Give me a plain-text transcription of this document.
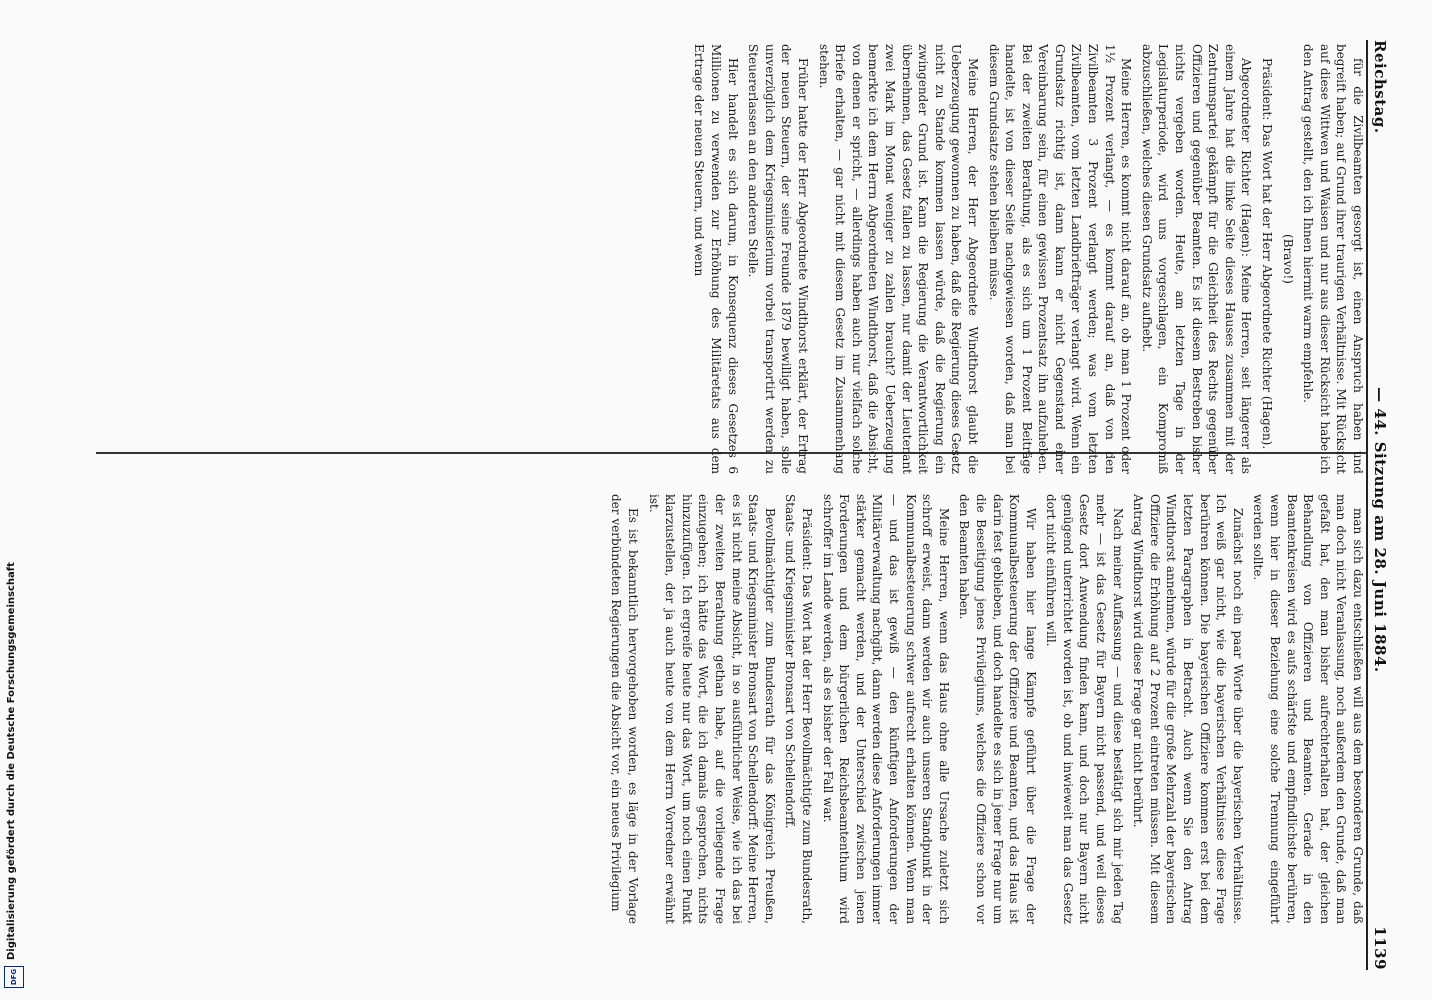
Reichstag.
— 44. Sitzung am 28. Juni 1884.
1139

man sich dazu entschließen will aus dem besonderen Grunde, daß man doch nicht Veranlassung, noch außerdem den Grunde, daß man gefaßt hat, den man bisher aufrechterhalten hat, der gleichen Behandlung von Offizieren und Beamten. Gerade in den Beamtenkreisen wird es aufs schärfste und empfindlichste berühren, wenn hier in dieser Beziehung eine solche Trennung eingeführt werden sollte.

Zunächst noch ein paar Worte über die bayerischen Verhältnisse. Ich weiß gar nicht, wie die bayerischen Verhältnisse diese Frage berühren können. Die bayerischen Offiziere kommen erst bei dem letzten Paragraphen in Betracht. Auch wenn Sie den Antrag Windthorst annehmen, würde für die große Mehrzahl der bayerischen Offiziere die Erhöhung auf 2 Prozent eintreten müssen. Mit diesem Antrag Windthorst wird diese Frage gar nicht berührt.

Nach meiner Auffassung — und diese bestätigt sich mir jeden Tag mehr — ist das Gesetz für Bayern nicht passend, und weil dieses Gesetz dort Anwendung finden kann, und doch nur Bayern nicht genügend unterrichtet worden ist, ob und inwieweit man das Gesetz dort nicht einführen will.

Wir haben hier lange Kämpfe geführt über die Frage der Kommunalbesteuerung der Offiziere und Beamten, und das Haus ist darin fest geblieben, und doch handelte es sich in jener Frage nur um die Beseitigung jenes Privilegiums, welches die Offiziere schon vor den Beamten haben.

Meine Herren, wenn das Haus ohne alle Ursache zuletzt sich schroff erweist, dann werden wir auch unseren Standpunkt in der Kommunalbesteuerung schwer aufrecht erhalten können. Wenn man — und das ist gewiß — den künftigen Anforderungen der Militärverwaltung nachgibt, dann werden diese Anforderungen immer stärker gemacht werden, und der Unterschied zwischen jenen Forderungen und dem bürgerlichen Reichsbeamtenthum wird schroffer im Lande werden, als es bisher der Fall war.

Präsident: Das Wort hat der Herr Bevollmächtigte zum Bundesrath, Staats- und Kriegsminister Bronsart von Schellendorff.

Bevollmächtigter zum Bundesrath für das Königreich Preußen, Staats- und Kriegsminister Bronsart von Schellendorff: Meine Herren, es ist nicht meine Absicht, in so ausführlicher Weise, wie ich das bei der zweiten Berathung gethan habe, auf die vorliegende Frage einzugehen; ich hätte das Wort, die ich damals gesprochen, nichts hinzuzufügen. Ich ergreife heute nur das Wort, um noch einen Punkt klarzustellen, der ja auch heute von dem Herrn Vorredner erwähnt ist.

Es ist bekanntlich hervorgehoben worden, es läge in der Vorlage der verbündeten Regierungen die Absicht vor, ein neues Privilegium

für die Zivilbeamten gesorgt ist, einen Anspruch haben und begreift haben; auf Grund ihrer traurigen Verhältnisse. Mit Rücksicht auf diese Wittwen und Waisen und nur aus dieser Rücksicht habe ich den Antrag gestellt, den ich Ihnen hiermit warm empfehle.

(Bravo!)

Präsident: Das Wort hat der Herr Abgeordnete Richter (Hagen).

Abgeordneter Richter (Hagen): Meine Herren, seit längerer als einem Jahre hat die linke Seite dieses Hauses zusammen mit der Zentrumspartei gekämpft für die Gleichheit des Rechts gegenüber Offizieren und gegenüber Beamten. Es ist diesem Bestreben bisher nichts vergeben worden. Heute, am letzten Tage in der Legislaturperiode, wird uns vorgeschlagen, ein Kompromiß abzuschließen, welches diesen Grundsatz aufhebt.

Meine Herren, es kommt nicht darauf an, ob man 1 Prozent oder 1½ Prozent verlangt, — es kommt darauf an, daß von den Zivilbeamten 3 Prozent verlangt werden; was vom letzten Zivilbeamten, vom letzten Landbriefträger verlangt wird. Wenn ein Grundsatz richtig ist, dann kann er nicht Gegenstand einer Vereinbarung sein, für einen gewissen Prozentsatz ihn aufzuheben. Bei der zweiten Berathung, als es sich um 1 Prozent Beiträge handelte, ist von dieser Seite nachgewiesen worden, daß man bei diesem Grundsatze stehen bleiben müsse.

Meine Herren, der Herr Abgeordnete Windthorst glaubt die Ueberzeugung gewonnen zu haben, daß die Regierung dieses Gesetz nicht zu Stande kommen lassen würde, daß die Regierung ein zwingender Grund ist. Kann die Regierung die Verantwortlichkeit übernehmen, das Gesetz fallen zu lassen, nur damit der Lieutenant zwei Mark im Monat weniger zu zahlen braucht? Ueberzeugung bemerkte ich dem Herrn Abgeordneten Windthorst, daß die Absicht, von denen er spricht, — allerdings haben auch nur vielfach solche Briefe erhalten, — gar nicht mit diesem Gesetz im Zusammenhang stehen.

Früher hatte der Herr Abgeordnete Windthorst erklärt, der Ertrag der neuen Steuern, der seine Freunde 1879 bewilligt haben, solle unverzüglich dem Kriegsministerium vorbei transportirt werden zu Steuererlassen an den anderen Stelle.

Hier handelt es sich darum, in Konsequenz dieses Gesetzes 6 Millionen zu verwenden zur Erhöhung des Militäretats aus dem Ertrage der neuen Steuern, und wenn

Digitalisierung gefördert durch die Deutsche Forschungsgemeinschaft
DFG
